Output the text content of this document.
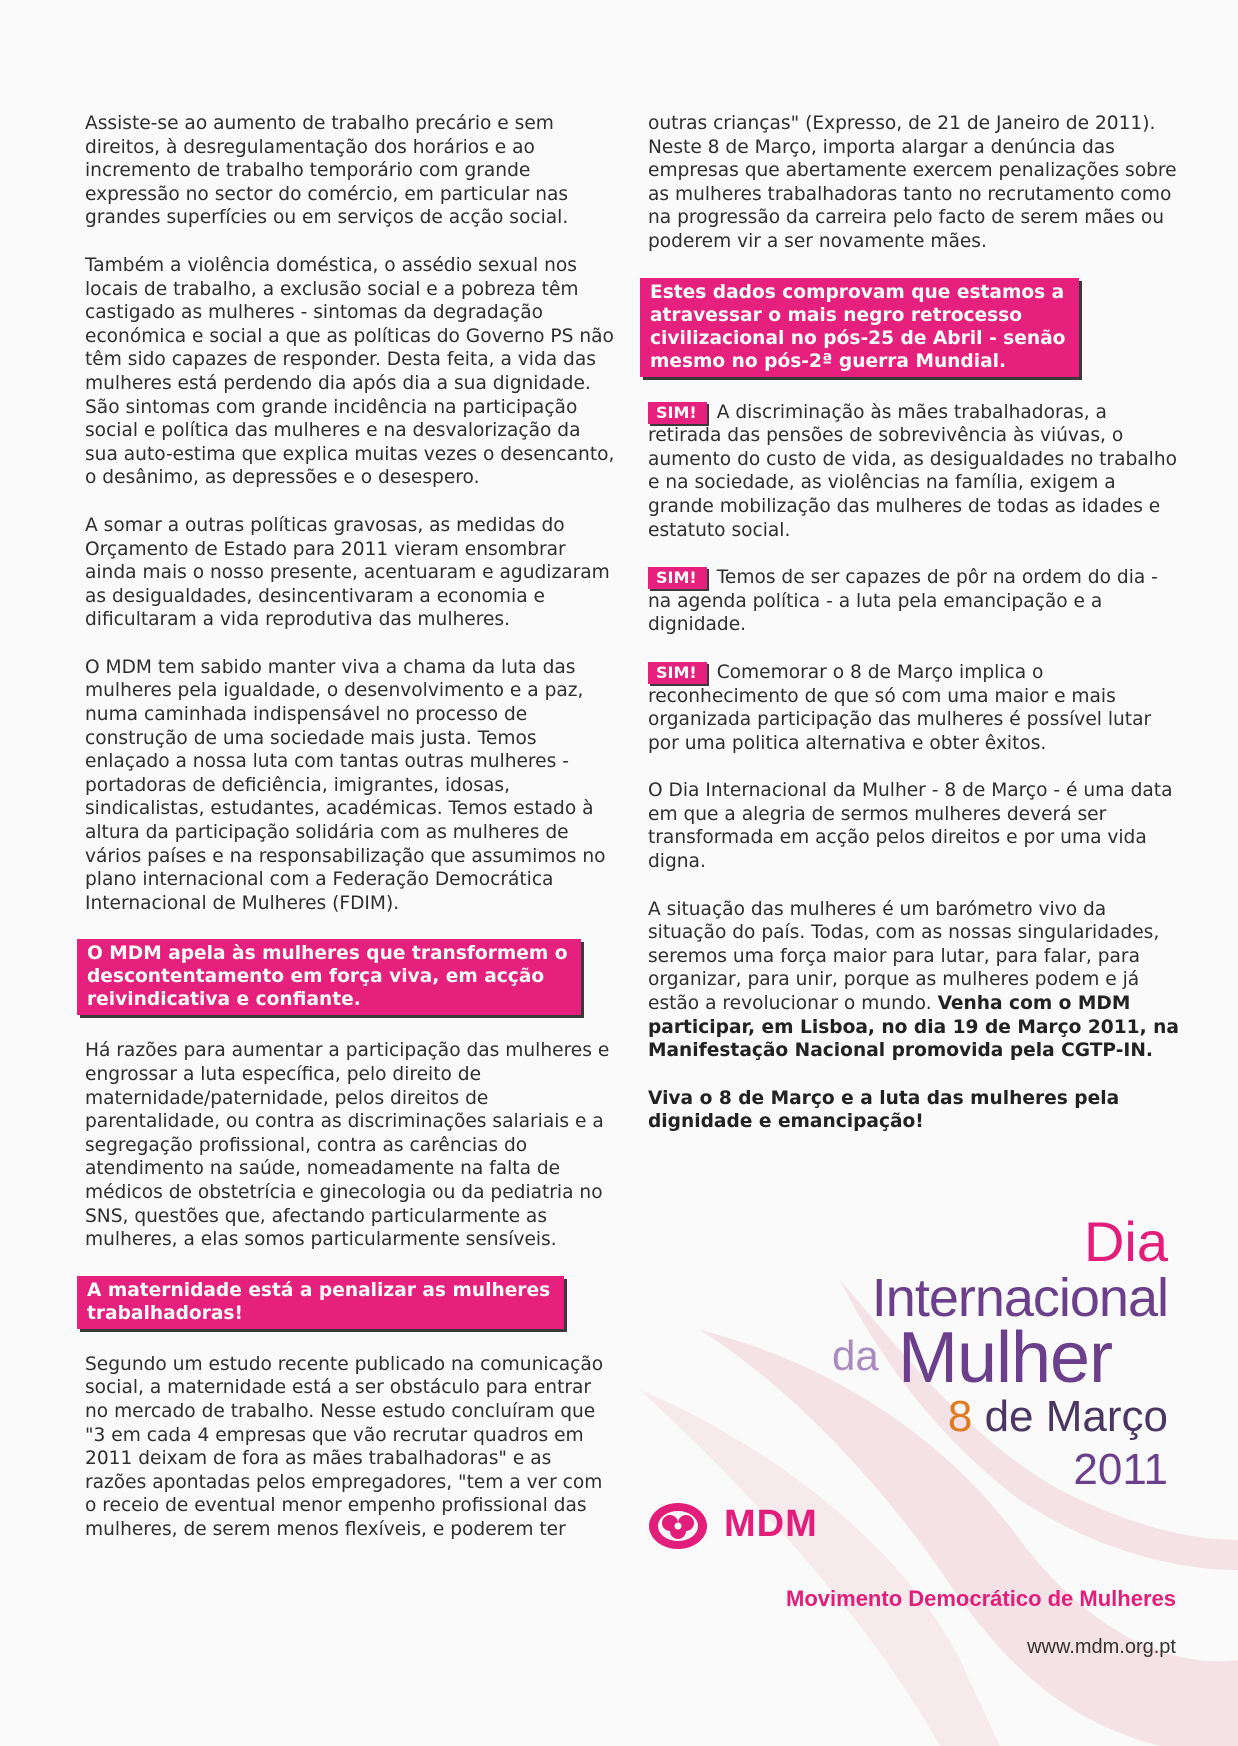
Assiste-se ao aumento de trabalho precário e sem direitos, à desregulamentação dos horários e ao incremento de trabalho temporário com grande expressão no sector do comércio, em particular nas grandes superfícies ou em serviços de acção social.

Também a violência doméstica, o assédio sexual nos locais de trabalho, a exclusão social e a pobreza têm castigado as mulheres - sintomas da degradação económica e social a que as políticas do Governo PS não têm sido capazes de responder. Desta feita, a vida das mulheres está perdendo dia após dia a sua dignidade. São sintomas com grande incidência na participação social e política das mulheres e na desvalorização da sua auto-estima que explica muitas vezes o desencanto, o desânimo, as depressões e o desespero.

A somar a outras políticas gravosas, as medidas do Orçamento de Estado para 2011 vieram ensombrar ainda mais o nosso presente, acentuaram e agudizaram as desigualdades, desincentivaram a economia e dificultaram a vida reprodutiva das mulheres.

O MDM tem sabido manter viva a chama da luta das mulheres pela igualdade, o desenvolvimento e a paz, numa caminhada indispensável no processo de construção de uma sociedade mais justa. Temos enlaçado a nossa luta com tantas outras mulheres - portadoras de deficiência, imigrantes, idosas, sindicalistas, estudantes, académicas. Temos estado à altura da participação solidária com as mulheres de vários países e na responsabilização que assumimos no plano internacional com a Federação Democrática Internacional de Mulheres (FDIM).

O MDM apela às mulheres que transformem o
descontentamento em força viva, em acção
reivindicativa e confiante.

Há razões para aumentar a participação das mulheres e engrossar a luta específica, pelo direito de maternidade/paternidade, pelos direitos de parentalidade, ou contra as discriminações salariais e a segregação profissional, contra as carências do atendimento na saúde, nomeadamente na falta de médicos de obstetrícia e ginecologia ou da pediatria no SNS, questões que, afectando particularmente as mulheres, a elas somos particularmente sensíveis.

A maternidade está a penalizar as mulheres
trabalhadoras!

Segundo um estudo recente publicado na comunicação social, a maternidade está a ser obstáculo para entrar no mercado de trabalho. Nesse estudo concluíram que "3 em cada 4 empresas que vão recrutar quadros em 2011 deixam de fora as mães trabalhadoras" e as razões apontadas pelos empregadores, "tem a ver com o receio de eventual menor empenho profissional das mulheres, de serem menos flexíveis, e poderem ter

outras crianças" (Expresso, de 21 de Janeiro de 2011). Neste 8 de Março, importa alargar a denúncia das empresas que abertamente exercem penalizações sobre as mulheres trabalhadoras tanto no recrutamento como na progressão da carreira pelo facto de serem mães ou poderem vir a ser novamente mães.

Estes dados comprovam que estamos a
atravessar o mais negro retrocesso
civilizacional no pós-25 de Abril - senão
mesmo no pós-2ª guerra Mundial.

SIM! A discriminação às mães trabalhadoras, a retirada das pensões de sobrevivência às viúvas, o aumento do custo de vida, as desigualdades no trabalho e na sociedade, as violências na família, exigem a grande mobilização das mulheres de todas as idades e estatuto social.

SIM! Temos de ser capazes de pôr na ordem do dia - na agenda política - a luta pela emancipação e a dignidade.

SIM! Comemorar o 8 de Março implica o reconhecimento de que só com uma maior e mais organizada participação das mulheres é possível lutar por uma politica alternativa e obter êxitos.

O Dia Internacional da Mulher - 8 de Março - é uma data em que a alegria de sermos mulheres deverá ser transformada em acção pelos direitos e por uma vida digna.

A situação das mulheres é um barómetro vivo da situação do país. Todas, com as nossas singularidades, seremos uma força maior para lutar, para falar, para organizar, para unir, porque as mulheres podem e já estão a revolucionar o mundo. Venha com o MDM participar, em Lisboa, no dia 19 de Março 2011, na Manifestação Nacional promovida pela CGTP-IN.

Viva o 8 de Março e a luta das mulheres pela dignidade e emancipação!

Dia
Internacional
da Mulher
8 de Março
2011
MDM
Movimento Democrático de Mulheres
www.mdm.org.pt
